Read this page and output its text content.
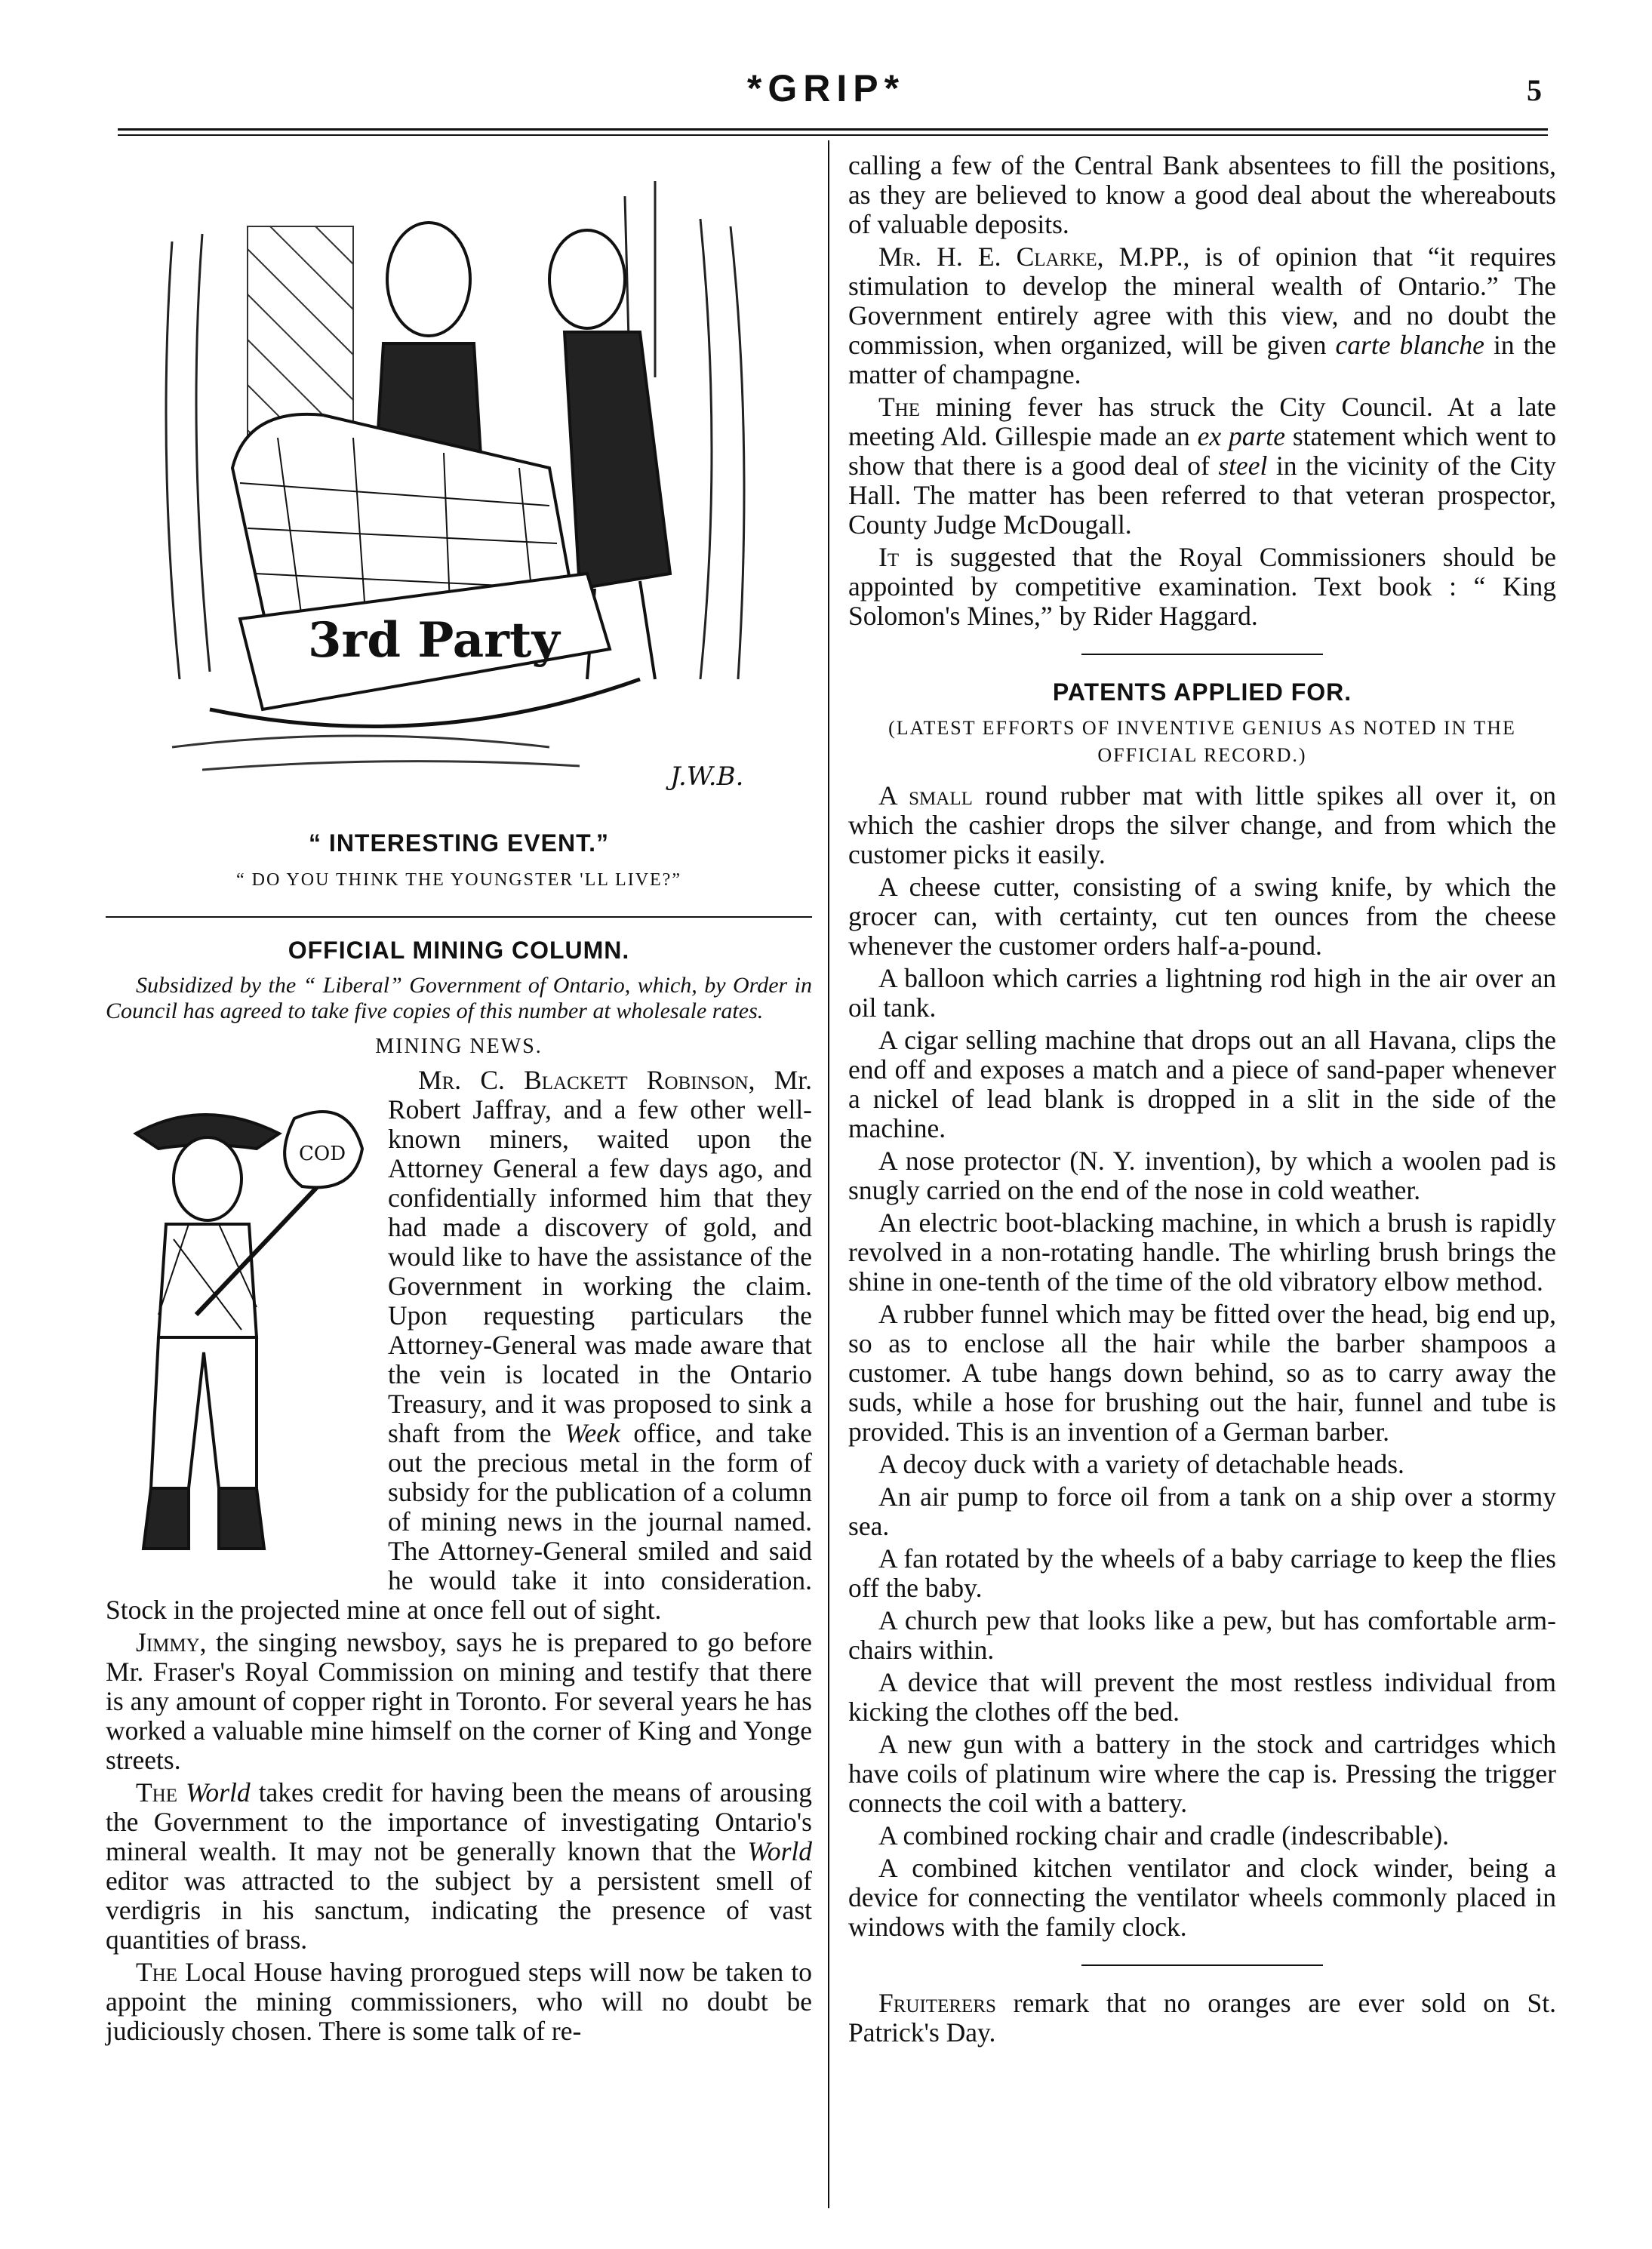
*GRIP*	5
3rd Party
J.W.B.
“ INTERESTING EVENT.”
“ DO YOU THINK THE YOUNGSTER 'LL LIVE?”
OFFICIAL MINING COLUMN.

Subsidized by the “ Liberal” Government of Ontario, which, by Order in Council has agreed to take five copies of this number at wholesale rates.

MINING NEWS.
COD

Mr. C. Blackett Robinson, Mr. Robert Jaffray, and a few other well-known miners, waited upon the Attorney General a few days ago, and confidentially informed him that they had made a discovery of gold, and would like to have the assistance of the Government in working the claim. Upon requesting particulars the Attorney-General was made aware that the vein is located in the Ontario Treasury, and it was proposed to sink a shaft from the Week office, and take out the precious metal in the form of subsidy for the publication of a column of mining news in the journal named. The Attorney-General smiled and said he would take it into consideration. Stock in the projected mine at once fell out of sight.

Jimmy, the singing newsboy, says he is prepared to go before Mr. Fraser's Royal Commission on mining and testify that there is any amount of copper right in Toronto. For several years he has worked a valuable mine himself on the corner of King and Yonge streets.

The World takes credit for having been the means of arousing the Government to the importance of investigating Ontario's mineral wealth. It may not be generally known that the World editor was attracted to the subject by a persistent smell of verdigris in his sanctum, indicating the presence of vast quantities of brass.

The Local House having prorogued steps will now be taken to appoint the mining commissioners, who will no doubt be judiciously chosen. There is some talk of re-

calling a few of the Central Bank absentees to fill the positions, as they are believed to know a good deal about the whereabouts of valuable deposits.

Mr. H. E. Clarke, M.PP., is of opinion that “it requires stimulation to develop the mineral wealth of Ontario.” The Government entirely agree with this view, and no doubt the commission, when organized, will be given carte blanche in the matter of champagne.

The mining fever has struck the City Council. At a late meeting Ald. Gillespie made an ex parte statement which went to show that there is a good deal of steel in the vicinity of the City Hall. The matter has been referred to that veteran prospector, County Judge McDougall.

It is suggested that the Royal Commissioners should be appointed by competitive examination. Text book : “ King Solomon's Mines,” by Rider Haggard.

PATENTS APPLIED FOR.
(LATEST EFFORTS OF INVENTIVE GENIUS AS NOTED IN THE OFFICIAL RECORD.)

A small round rubber mat with little spikes all over it, on which the cashier drops the silver change, and from which the customer picks it easily.

A cheese cutter, consisting of a swing knife, by which the grocer can, with certainty, cut ten ounces from the cheese whenever the customer orders half-a-pound.

A balloon which carries a lightning rod high in the air over an oil tank.

A cigar selling machine that drops out an all Havana, clips the end off and exposes a match and a piece of sand-paper whenever a nickel of lead blank is dropped in a slit in the side of the machine.

A nose protector (N. Y. invention), by which a woolen pad is snugly carried on the end of the nose in cold weather.

An electric boot-blacking machine, in which a brush is rapidly revolved in a non-rotating handle. The whirling brush brings the shine in one-tenth of the time of the old vibratory elbow method.

A rubber funnel which may be fitted over the head, big end up, so as to enclose all the hair while the barber shampoos a customer. A tube hangs down behind, so as to carry away the suds, while a hose for brushing out the hair, funnel and tube is provided. This is an invention of a German barber.

A decoy duck with a variety of detachable heads.

An air pump to force oil from a tank on a ship over a stormy sea.

A fan rotated by the wheels of a baby carriage to keep the flies off the baby.

A church pew that looks like a pew, but has comfortable arm-chairs within.

A device that will prevent the most restless individual from kicking the clothes off the bed.

A new gun with a battery in the stock and cartridges which have coils of platinum wire where the cap is. Pressing the trigger connects the coil with a battery.

A combined rocking chair and cradle (indescribable).

A combined kitchen ventilator and clock winder, being a device for connecting the ventilator wheels commonly placed in windows with the family clock.

Fruiterers remark that no oranges are ever sold on St. Patrick's Day.
